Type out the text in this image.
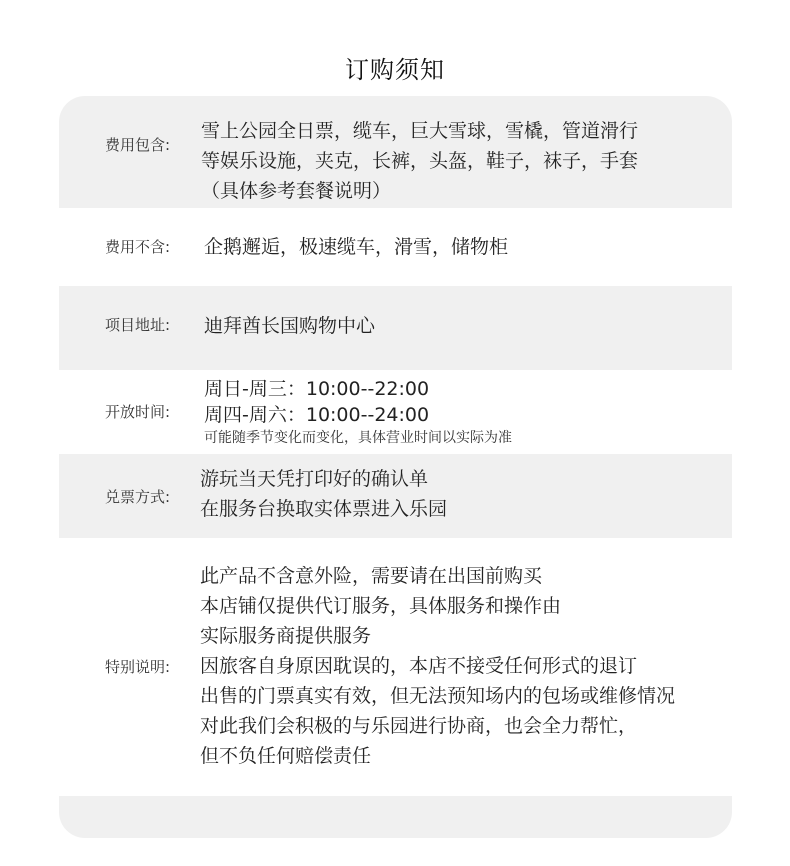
订购须知
费用包含:
雪上公园全日票，缆车，巨大雪球，雪橇，管道滑行
等娱乐设施，夹克，长裤，头盔，鞋子，袜子，手套
（具体参考套餐说明）
费用不含: 企鹅邂逅，极速缆车，滑雪，储物柜
项目地址: 迪拜酋长国购物中心
开放时间:
周日-周三：10:00--22:00
周四-周六：10:00--24:00
可能随季节变化而变化，具体营业时间以实际为准
兑票方式:
游玩当天凭打印好的确认单
在服务台换取实体票进入乐园
特别说明:
此产品不含意外险，需要请在出国前购买
本店铺仅提供代订服务，具体服务和操作由
实际服务商提供服务
因旅客自身原因耽误的，本店不接受任何形式的退订
出售的门票真实有效，但无法预知场内的包场或维修情况
对此我们会积极的与乐园进行协商，也会全力帮忙，
但不负任何赔偿责任
